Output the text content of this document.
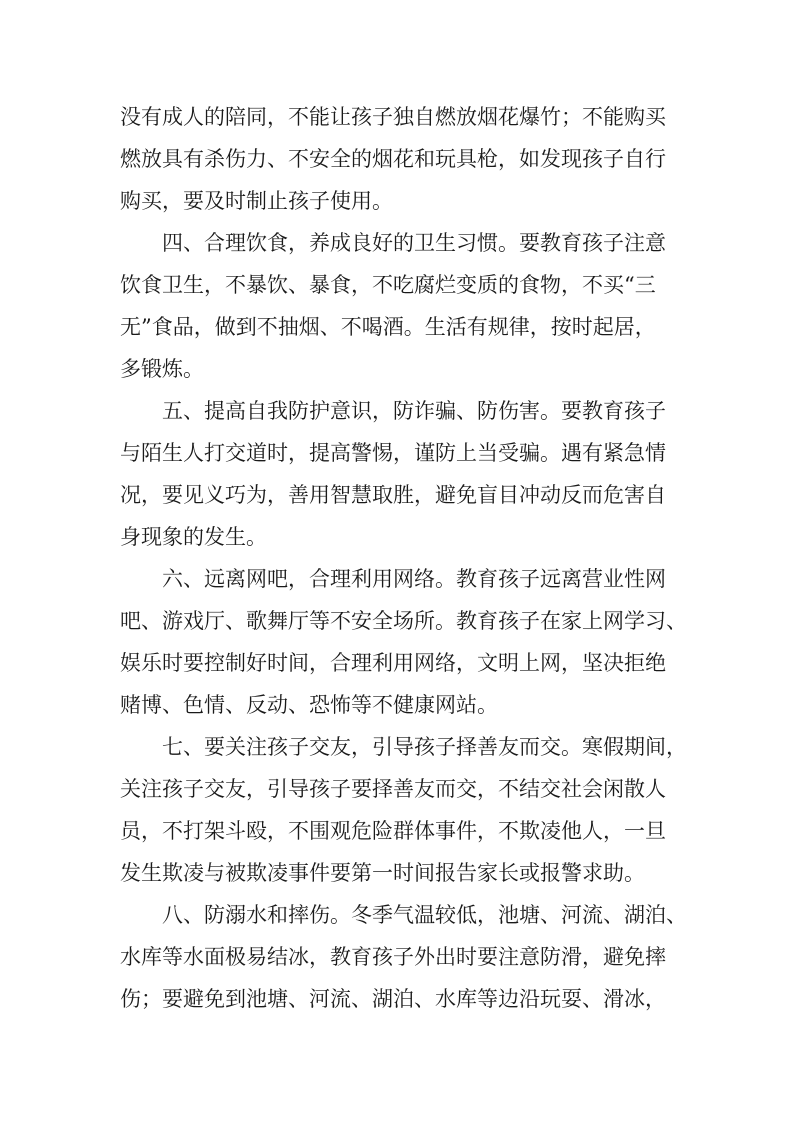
没有成人的陪同，不能让孩子独自燃放烟花爆竹；不能购买

燃放具有杀伤力、不安全的烟花和玩具枪，如发现孩子自行

购买，要及时制止孩子使用。

四、合理饮食，养成良好的卫生习惯。要教育孩子注意

饮食卫生，不暴饮、暴食，不吃腐烂变质的食物，不买“三

无”食品，做到不抽烟、不喝酒。生活有规律，按时起居，

多锻炼。

五、提高自我防护意识，防诈骗、防伤害。要教育孩子

与陌生人打交道时，提高警惕，谨防上当受骗。遇有紧急情

况，要见义巧为，善用智慧取胜，避免盲目冲动反而危害自

身现象的发生。

六、远离网吧，合理利用网络。教育孩子远离营业性网

吧、游戏厅、歌舞厅等不安全场所。教育孩子在家上网学习、

娱乐时要控制好时间，合理利用网络，文明上网，坚决拒绝

赌博、色情、反动、恐怖等不健康网站。

七、要关注孩子交友，引导孩子择善友而交。寒假期间，

关注孩子交友，引导孩子要择善友而交，不结交社会闲散人

员，不打架斗殴，不围观危险群体事件，不欺凌他人，一旦

发生欺凌与被欺凌事件要第一时间报告家长或报警求助。

八、防溺水和摔伤。冬季气温较低，池塘、河流、湖泊、

水库等水面极易结冰，教育孩子外出时要注意防滑，避免摔

伤；要避免到池塘、河流、湖泊、水库等边沿玩耍、滑冰，
